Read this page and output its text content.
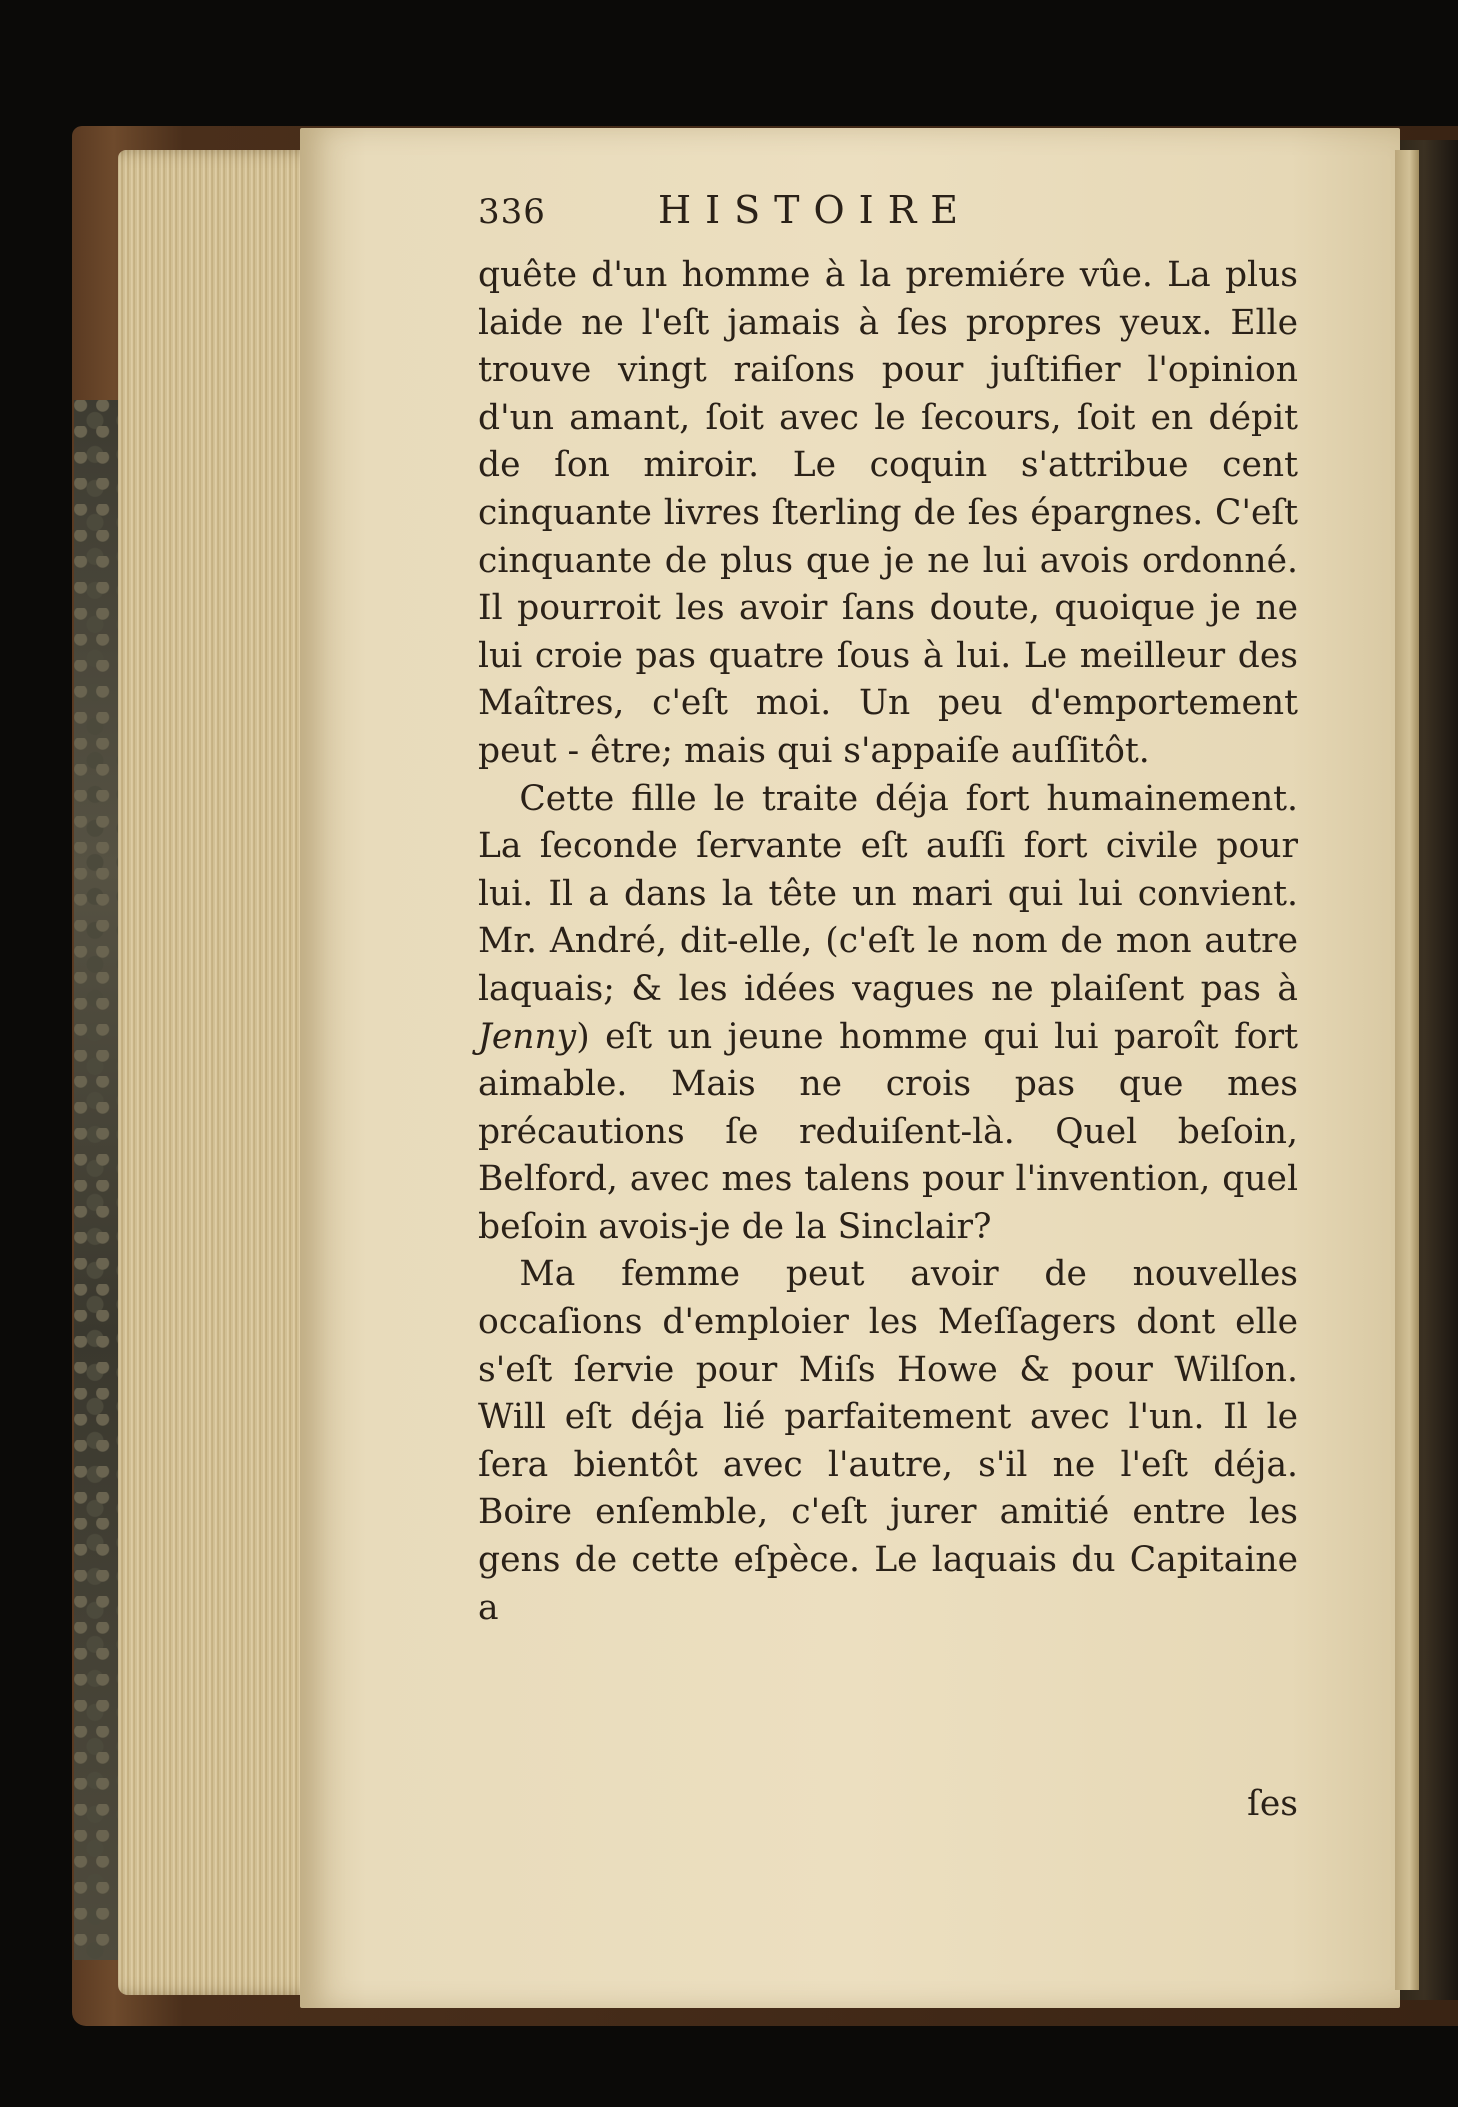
336	HISTOIRE

quête d'un homme à la premiére vûe. La plus laide ne l'eſt jamais à ſes propres yeux. Elle trouve vingt raiſons pour juſtifier l'opinion d'un amant, ſoit avec le ſecours, ſoit en dépit de ſon miroir. Le coquin s'attribue cent cinquante livres ſterling de ſes épargnes. C'eſt cinquante de plus que je ne lui avois ordonné. Il pourroit les avoir ſans doute, quoique je ne lui croie pas quatre ſous à lui. Le meilleur des Maîtres, c'eſt moi. Un peu d'emportement peut - être; mais qui s'appaiſe auſſitôt.

Cette fille le traite déja fort humainement. La ſeconde ſervante eſt auſſi fort civile pour lui. Il a dans la tête un mari qui lui convient. Mr. André, dit-elle, (c'eſt le nom de mon autre laquais; & les idées vagues ne plaiſent pas à Jenny) eſt un jeune homme qui lui paroît fort aimable. Mais ne crois pas que mes précautions ſe reduiſent-là. Quel beſoin, Belford, avec mes talens pour l'invention, quel beſoin avois-je de la Sinclair?

Ma femme peut avoir de nouvelles occaſions d'emploier les Meſſagers dont elle s'eſt ſervie pour Miſs Howe & pour Wilſon. Will eſt déja lié parfaitement avec l'un. Il le ſera bientôt avec l'autre, s'il ne l'eſt déja. Boire enſemble, c'eſt jurer amitié entre les gens de cette eſpèce. Le laquais du Capitaine a

ſes
